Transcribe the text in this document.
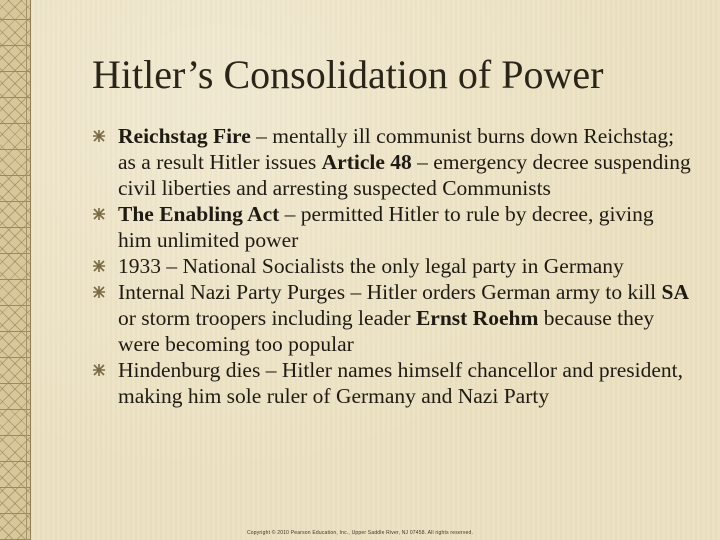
Hitler’s Consolidation of Power
Reichstag Fire – mentally ill communist burns down Reichstag; as a result Hitler issues Article 48 – emergency decree suspending civil liberties and arresting suspected Communists
The Enabling Act – permitted Hitler to rule by decree, giving him unlimited power
1933 – National Socialists the only legal party in Germany
Internal Nazi Party Purges – Hitler orders German army to kill SA or storm troopers including leader Ernst Roehm because they were becoming too popular
Hindenburg dies – Hitler names himself chancellor and president, making him sole ruler of Germany and Nazi Party
Copyright © 2010 Pearson Education, Inc., Upper Saddle River, NJ 07458. All rights reserved.
